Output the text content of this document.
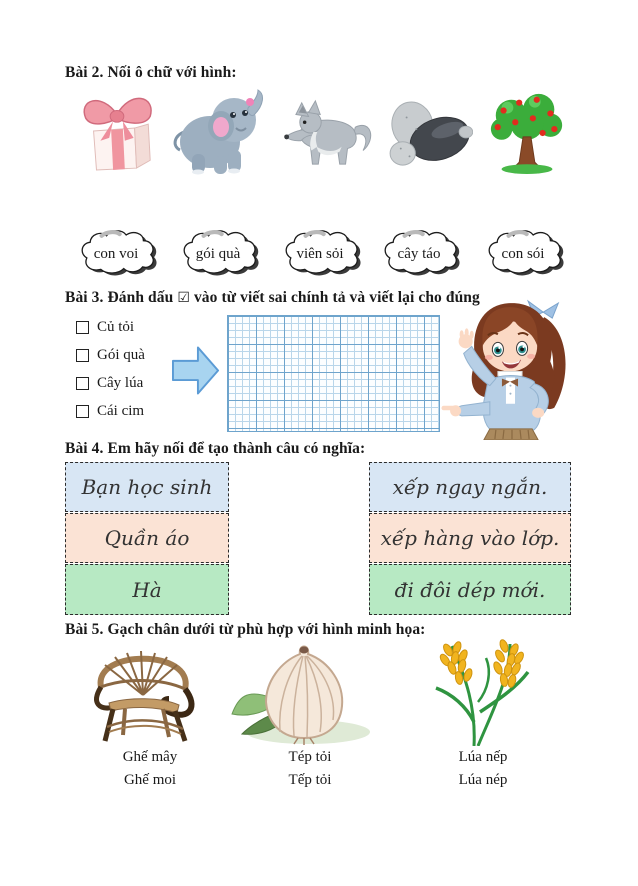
Bài 2. Nối ô chữ với hình:
con voi	gói quà	viên sỏi	cây táo	con sói
Bài 3. Đánh dấu ☑ vào từ viết sai chính tả và viết lại cho đúng
Củ tỏi
Gói quà
Cây lúa
Cái cim
Bài 4. Em hãy nối để tạo thành câu có nghĩa:
Bạn học sinh
Quần áo
Hà
xếp ngay ngắn.
xếp hàng vào lớp.
đi đôi dép mới.
Bài 5. Gạch chân dưới từ phù hợp với hình minh họa:
Ghế mây
Ghế moi
Tép tỏi
Tếp tỏi
Lúa nếp
Lúa nép
